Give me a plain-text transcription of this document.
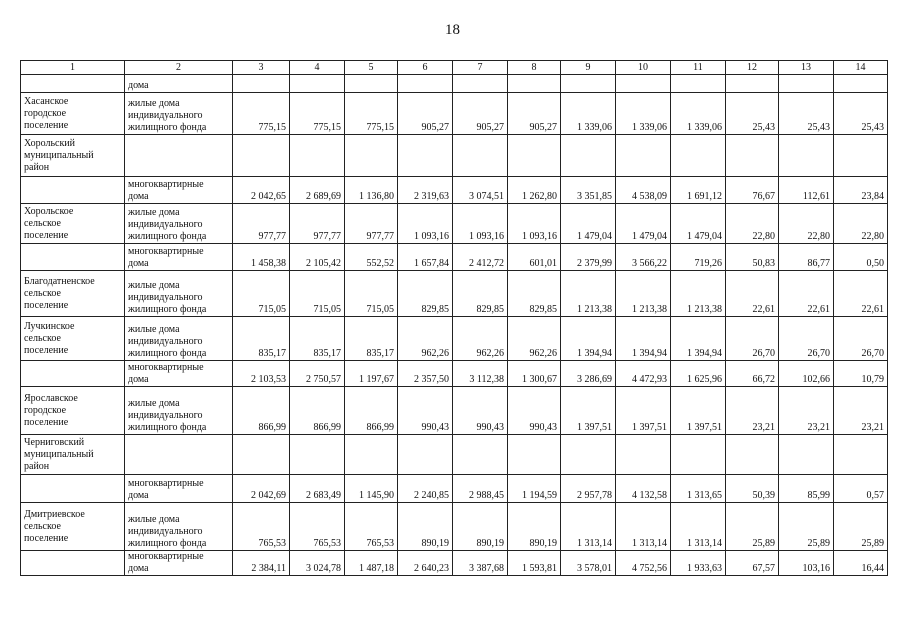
18
1	2	3	4	5	6	7	8	9	10	11	12	13	14

	дома												

Хасанское
городское
поселение	жилые дома
индивидуального
жилищного фонда	775,15	775,15	775,15	905,27	905,27	905,27	1 339,06	1 339,06	1 339,06	25,43	25,43	25,43

Хорольский
муниципальный
район													

	многоквартирные
дома	2 042,65	2 689,69	1 136,80	2 319,63	3 074,51	1 262,80	3 351,85	4 538,09	1 691,12	76,67	112,61	23,84

Хорольское
сельское
поселение	жилые дома
индивидуального
жилищного фонда	977,77	977,77	977,77	1 093,16	1 093,16	1 093,16	1 479,04	1 479,04	1 479,04	22,80	22,80	22,80

	многоквартирные
дома	1 458,38	2 105,42	552,52	1 657,84	2 412,72	601,01	2 379,99	3 566,22	719,26	50,83	86,77	0,50

Благодатненское
сельское
поселение	жилые дома
индивидуального
жилищного фонда	715,05	715,05	715,05	829,85	829,85	829,85	1 213,38	1 213,38	1 213,38	22,61	22,61	22,61

Лучкинское
сельское
поселение	жилые дома
индивидуального
жилищного фонда	835,17	835,17	835,17	962,26	962,26	962,26	1 394,94	1 394,94	1 394,94	26,70	26,70	26,70

	многоквартирные
дома	2 103,53	2 750,57	1 197,67	2 357,50	3 112,38	1 300,67	3 286,69	4 472,93	1 625,96	66,72	102,66	10,79

Ярославское
городское
поселение	жилые дома
индивидуального
жилищного фонда	866,99	866,99	866,99	990,43	990,43	990,43	1 397,51	1 397,51	1 397,51	23,21	23,21	23,21

Черниговский
муниципальный
район													

	многоквартирные
дома	2 042,69	2 683,49	1 145,90	2 240,85	2 988,45	1 194,59	2 957,78	4 132,58	1 313,65	50,39	85,99	0,57

Дмитриевское
сельское
поселение	жилые дома
индивидуального
жилищного фонда	765,53	765,53	765,53	890,19	890,19	890,19	1 313,14	1 313,14	1 313,14	25,89	25,89	25,89

	многоквартирные
дома	2 384,11	3 024,78	1 487,18	2 640,23	3 387,68	1 593,81	3 578,01	4 752,56	1 933,63	67,57	103,16	16,44
